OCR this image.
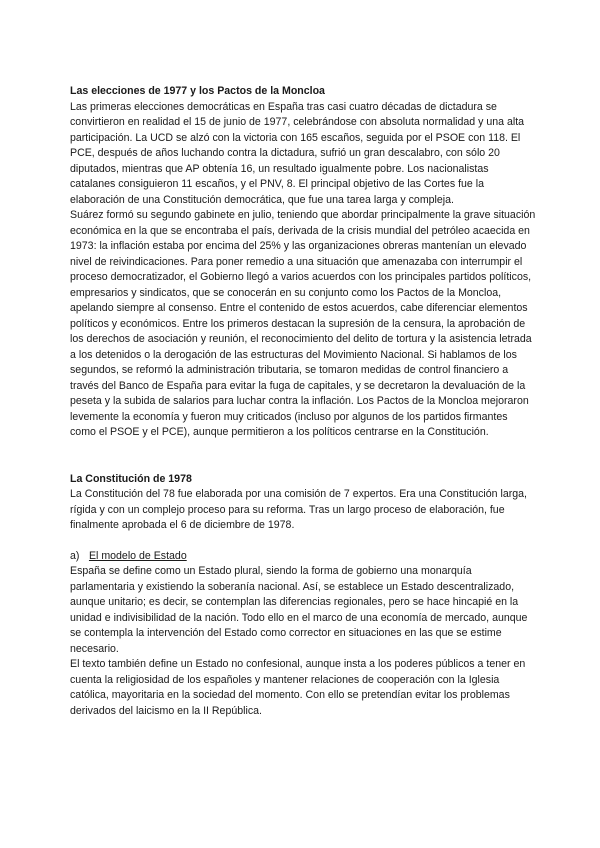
Las elecciones de 1977 y los Pactos de la Moncloa

Las primeras elecciones democráticas en España tras casi cuatro décadas de dictadura se convirtieron en realidad el 15 de junio de 1977, celebrándose con absoluta normalidad y una alta participación. La UCD se alzó con la victoria con 165 escaños, seguida por el PSOE con 118. El PCE, después de años luchando contra la dictadura, sufrió un gran descalabro, con sólo 20 diputados, mientras que AP obtenía 16, un resultado igualmente pobre. Los nacionalistas catalanes consiguieron 11 escaños, y el PNV, 8. El principal objetivo de las Cortes fue la elaboración de una Constitución democrática, que fue una tarea larga y compleja.

Suárez formó su segundo gabinete en julio, teniendo que abordar principalmente la grave situación económica en la que se encontraba el país, derivada de la crisis mundial del petróleo acaecida en 1973: la inflación estaba por encima del 25% y las organizaciones obreras mantenían un elevado nivel de reivindicaciones. Para poner remedio a una situación que amenazaba con interrumpir el proceso democratizador, el Gobierno llegó a varios acuerdos con los principales partidos políticos, empresarios y sindicatos, que se conocerán en su conjunto como los Pactos de la Moncloa, apelando siempre al consenso. Entre el contenido de estos acuerdos, cabe diferenciar elementos políticos y económicos. Entre los primeros destacan la supresión de la censura, la aprobación de los derechos de asociación y reunión, el reconocimiento del delito de tortura y la asistencia letrada a los detenidos o la derogación de las estructuras del Movimiento Nacional. Si hablamos de los segundos, se reformó la administración tributaria, se tomaron medidas de control financiero a través del Banco de España para evitar la fuga de capitales, y se decretaron la devaluación de la peseta y la subida de salarios para luchar contra la inflación. Los Pactos de la Moncloa mejoraron levemente la economía y fueron muy criticados (incluso por algunos de los partidos firmantes como el PSOE y el PCE), aunque permitieron a los políticos centrarse en la Constitución.

La Constitución de 1978

La Constitución del 78 fue elaborada por una comisión de 7 expertos. Era una Constitución larga, rígida y con un complejo proceso para su reforma. Tras un largo proceso de elaboración, fue finalmente aprobada el 6 de diciembre de 1978.

a) El modelo de Estado

España se define como un Estado plural, siendo la forma de gobierno una monarquía parlamentaria y existiendo la soberanía nacional. Así, se establece un Estado descentralizado, aunque unitario; es decir, se contemplan las diferencias regionales, pero se hace hincapié en la unidad e indivisibilidad de la nación. Todo ello en el marco de una economía de mercado, aunque se contempla la intervención del Estado como corrector en situaciones en las que se estime necesario.

El texto también define un Estado no confesional, aunque insta a los poderes públicos a tener en cuenta la religiosidad de los españoles y mantener relaciones de cooperación con la Iglesia católica, mayoritaria en la sociedad del momento. Con ello se pretendían evitar los problemas derivados del laicismo en la II República.
